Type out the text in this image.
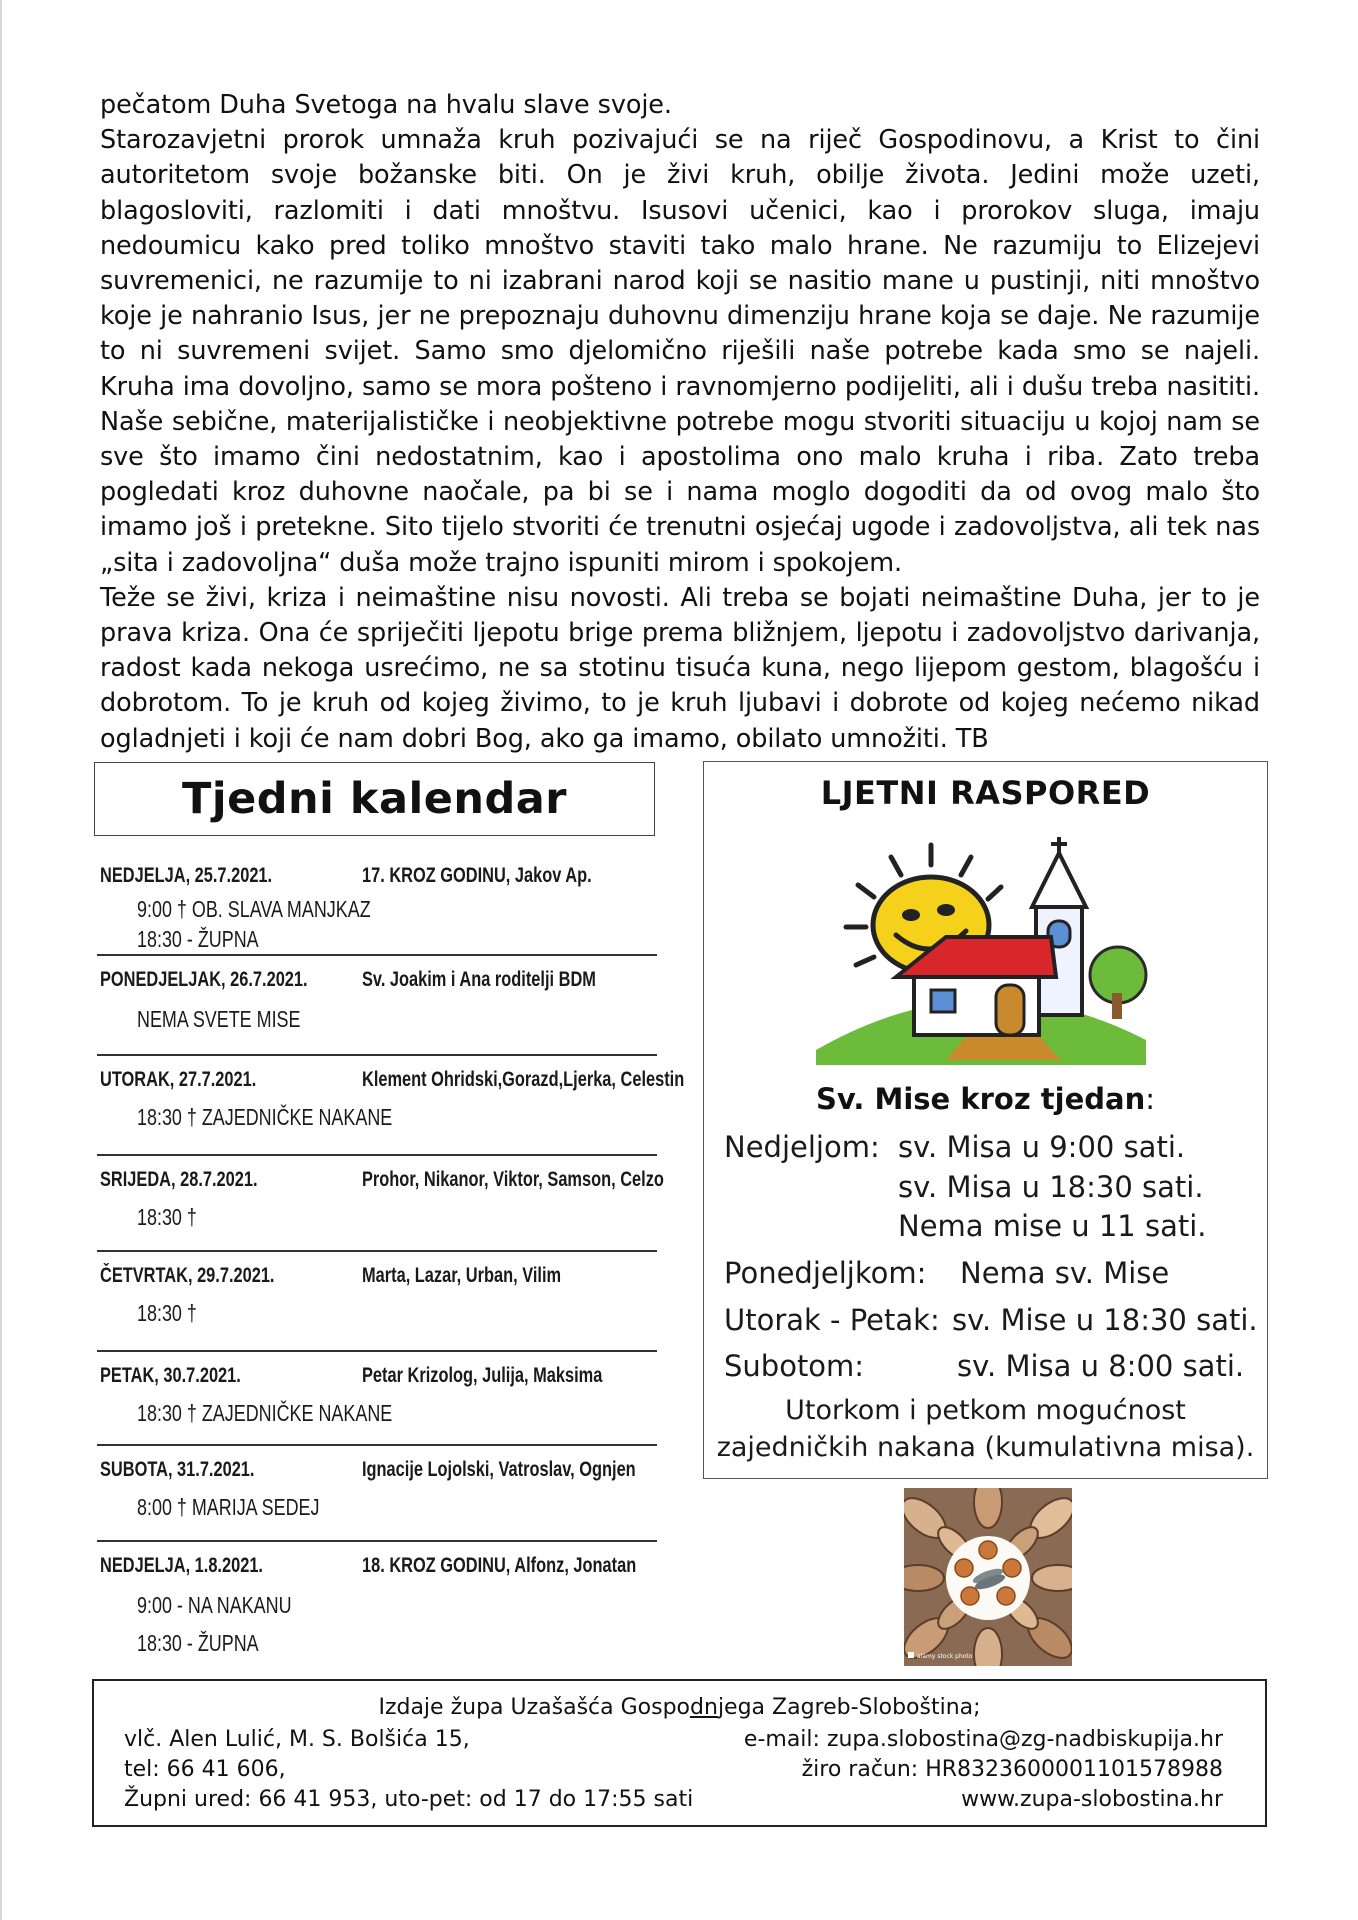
pečatom Duha Svetoga na hvalu slave svoje.

Starozavjetni prorok umnaža kruh pozivajući se na riječ Gospodinovu, a Krist to čini autoritetom svoje božanske biti. On je živi kruh, obilje života. Jedini može uzeti, blagosloviti, razlomiti i dati mnoštvu. Isusovi učenici, kao i prorokov sluga, imaju nedoumicu kako pred toliko mnoštvo staviti tako malo hrane. Ne razumiju to Elizejevi suvremenici, ne razumije to ni izabrani narod koji se nasitio mane u pustinji, niti mnoštvo koje je nahranio Isus, jer ne prepoznaju duhovnu dimenziju hrane koja se daje. Ne razumije to ni suvremeni svijet. Samo smo djelomično riješili naše potrebe kada smo se najeli. Kruha ima dovoljno, samo se mora pošteno i ravnomjerno podijeliti, ali i dušu treba nasititi. Naše sebične, materijalističke i neobjektivne potrebe mogu stvoriti situaciju u kojoj nam se sve što imamo čini nedostatnim, kao i apostolima ono malo kruha i riba. Zato treba pogledati kroz duhovne naočale, pa bi se i nama moglo dogoditi da od ovog malo što imamo još i pretekne. Sito tijelo stvoriti će trenutni osjećaj ugode i zadovoljstva, ali tek nas „sita i zadovoljna“ duša može trajno ispuniti mirom i spokojem.

Teže se živi, kriza i neimaštine nisu novosti. Ali treba se bojati neimaštine Duha, jer to je prava kriza. Ona će spriječiti ljepotu brige prema bližnjem, ljepotu i zadovoljstvo darivanja, radost kada nekoga usrećimo, ne sa stotinu tisuća kuna, nego lijepom gestom, blagošću i dobrotom. To je kruh od kojeg živimo, to je kruh ljubavi i dobrote od kojeg nećemo nikad ogladnjeti i koji će nam dobri Bog, ako ga imamo, obilato umnožiti. TB

Tjedni kalendar
NEDJELJA, 25.7.2021.	17. KROZ GODINU, Jakov Ap.
9:00 † OB. SLAVA MANJKAZ
18:30 - ŽUPNA
PONEDJELJAK, 26.7.2021.	Sv. Joakim i Ana roditelji BDM
NEMA SVETE MISE
UTORAK, 27.7.2021.	Klement Ohridski,Gorazd,Ljerka, Celestin
18:30 † ZAJEDNIČKE NAKANE
SRIJEDA, 28.7.2021.	Prohor, Nikanor, Viktor, Samson, Celzo
18:30 †
ČETVRTAK, 29.7.2021.	Marta, Lazar, Urban, Vilim
18:30 †
PETAK, 30.7.2021.	Petar Krizolog, Julija, Maksima
18:30 † ZAJEDNIČKE NAKANE
SUBOTA, 31.7.2021.	Ignacije Lojolski, Vatroslav, Ognjen
8:00 † MARIJA SEDEJ
NEDJELJA, 1.8.2021.	18. KROZ GODINU, Alfonz, Jonatan
9:00 - NA NAKANU
18:30 - ŽUPNA
LJETNI RASPORED
Sv. Mise kroz tjedan:
Nedjeljom: sv. Misa u 9:00 sati.
sv. Misa u 18:30 sati.
Nema mise u 11 sati.
Ponedjeljkom: Nema sv. Mise
Utorak - Petak: sv. Mise u 18:30 sati.
Subotom:	sv. Misa u 8:00 sati.
Utorkom i petkom mogućnost
zajedničkih nakana (kumulativna misa).
alamy stock photo
Izdaje župa Uzašašća Gospodnjega Zagreb-Sloboština;
vlč. Alen Lulić, M. S. Bolšića 15,	e-mail: zupa.slobostina@zg-nadbiskupija.hr
tel: 66 41 606,	žiro račun: HR8323600001101578988
Župni ured: 66 41 953, uto-pet: od 17 do 17:55 sati	www.zupa-slobostina.hr
